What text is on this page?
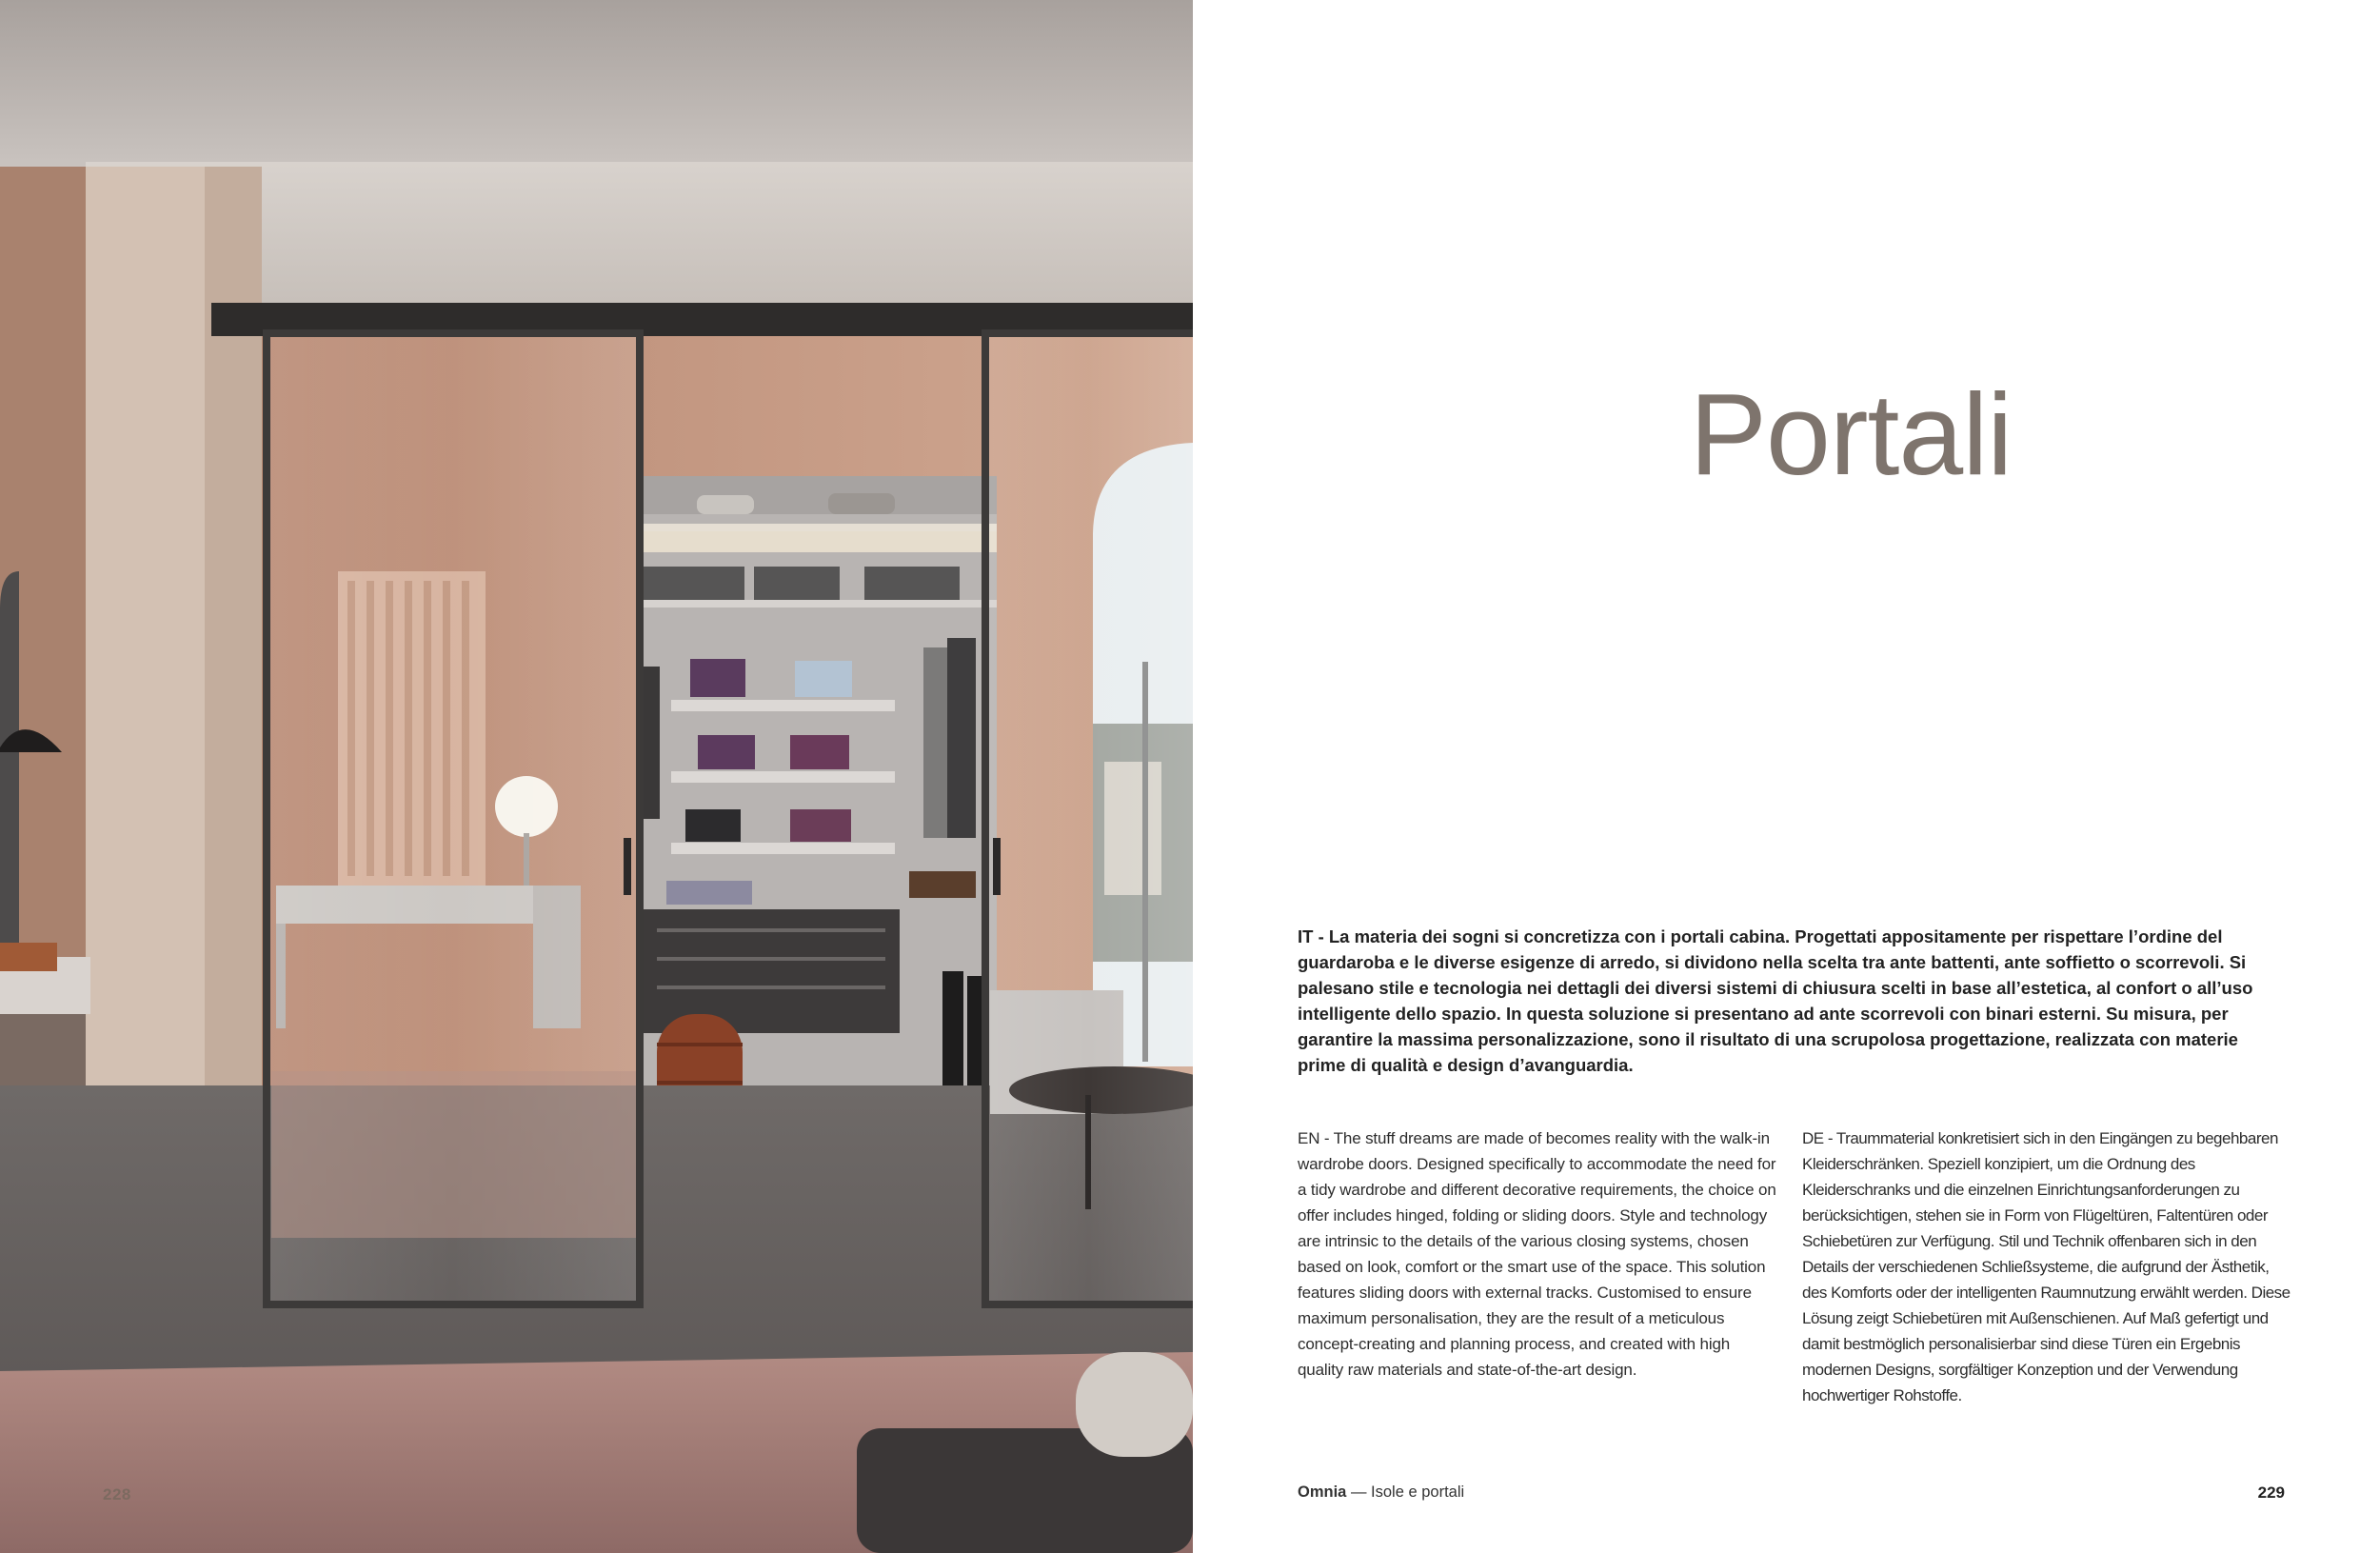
228
Portali
IT - La materia dei sogni si concretizza con i portali cabina. Progettati appositamente per rispettare l’ordine del guardaroba e le diverse esigenze di arredo, si dividono nella scelta tra ante battenti, ante soffietto o scorrevoli. Si palesano stile e tecnologia nei dettagli dei diversi sistemi di chiusura scelti in base all’estetica, al confort o all’uso intelligente dello spazio. In questa soluzione si presentano ad ante scorrevoli con binari esterni. Su misura, per garantire la massima personalizzazione, sono il risultato di una scrupolosa progettazione, realizzata con materie prime di qualità e design d’avanguardia.
EN - The stuff dreams are made of becomes reality with the walk-in wardrobe doors. Designed specifically to accommodate the need for a tidy wardrobe and different decorative requirements, the choice on offer includes hinged, folding or sliding doors. Style and technology are intrinsic to the details of the various closing systems, chosen based on look, comfort or the smart use of the space. This solution features sliding doors with external tracks. Customised to ensure maximum personalisation, they are the result of a meticulous concept-creating and planning process, and created with high quality raw materials and state-of-the-art design.
DE - Traummaterial konkretisiert sich in den Eingängen zu begehbaren Kleiderschränken. Speziell konzipiert, um die Ordnung des Kleiderschranks und die einzelnen Einrichtungsanforderungen zu berücksichtigen, stehen sie in Form von Flügeltüren, Faltentüren oder Schiebetüren zur Verfügung. Stil und Technik offenbaren sich in den Details der verschiedenen Schließsysteme, die aufgrund der Ästhetik, des Komforts oder der intelligenten Raumnutzung erwählt werden. Diese Lösung zeigt Schiebetüren mit Außenschienen. Auf Maß gefertigt und damit bestmöglich personalisierbar sind diese Türen ein Ergebnis modernen Designs, sorgfältiger Konzeption und der Verwendung hochwertiger Rohstoffe.
Omnia — Isole e portali	229
